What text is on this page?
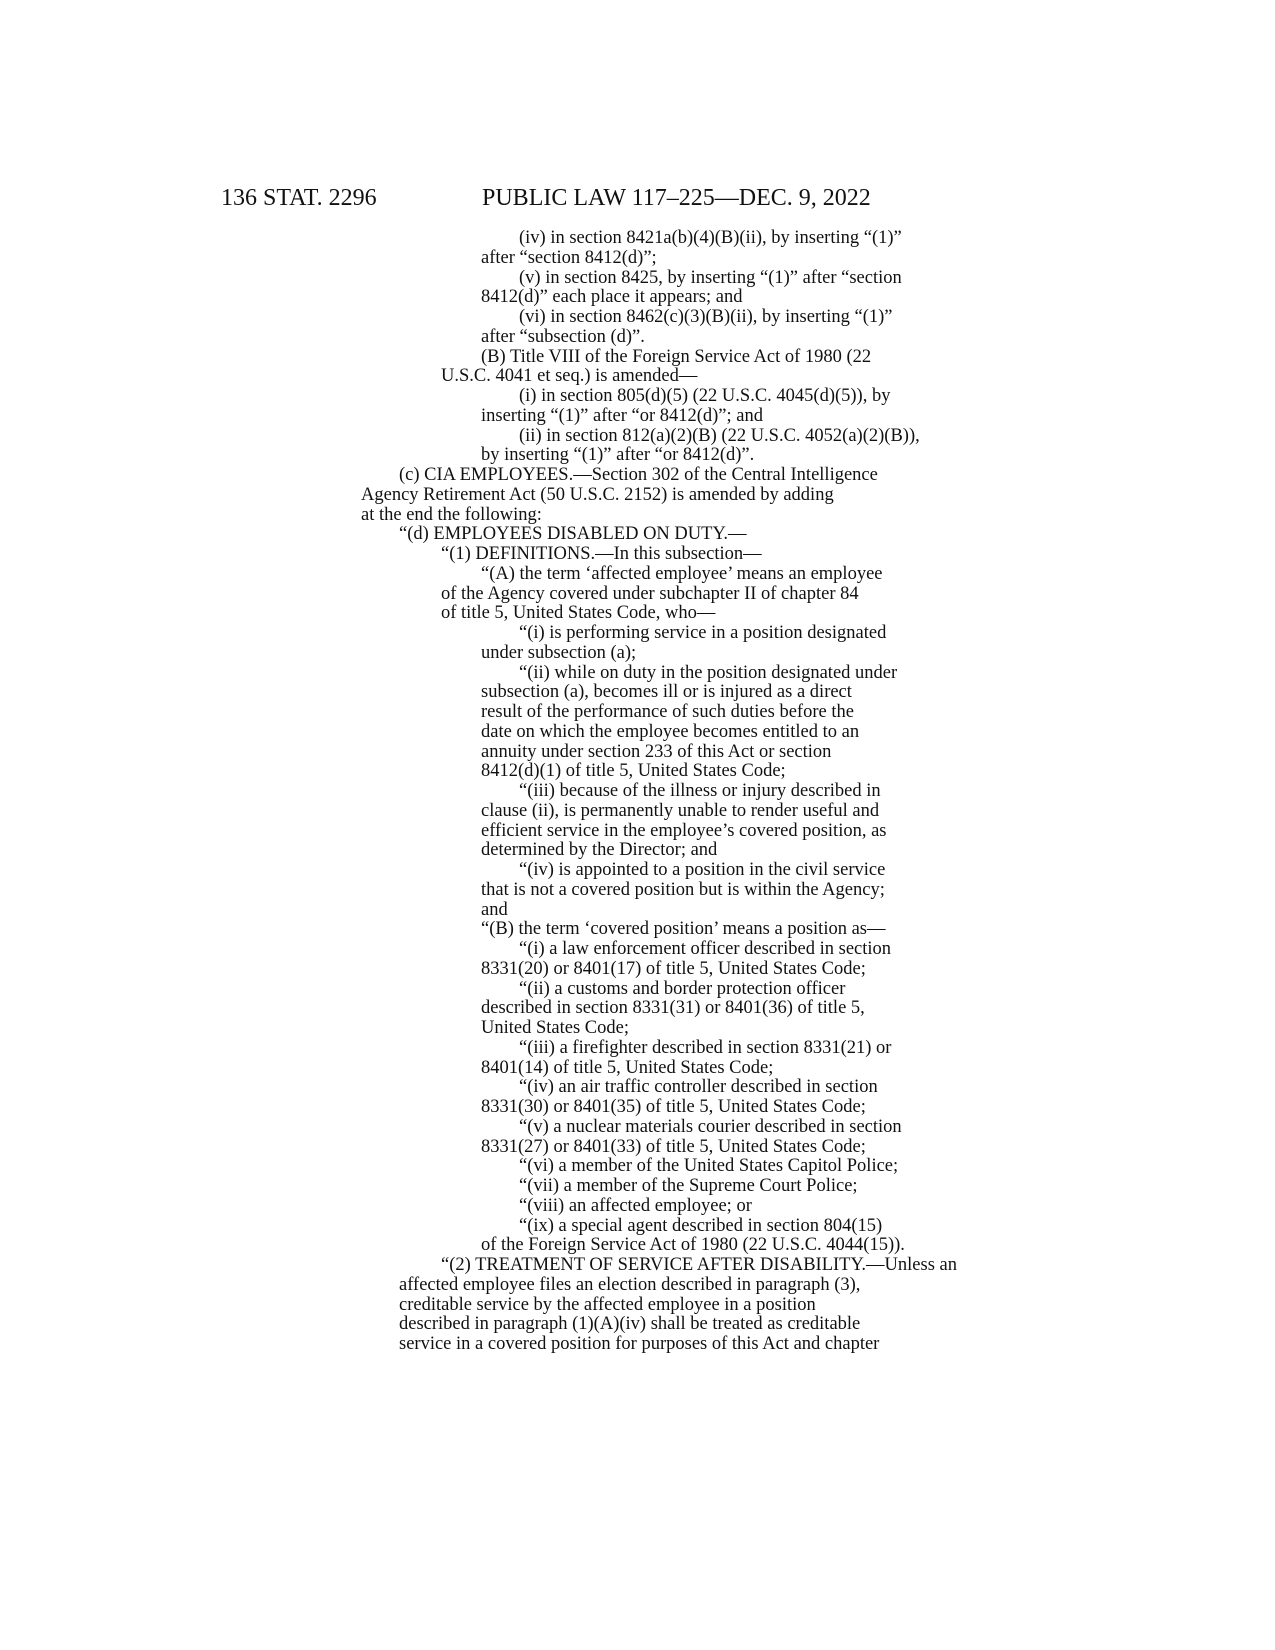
136 STAT. 2296	PUBLIC LAW 117–225—DEC. 9, 2022
(iv) in section 8421a(b)(4)(B)(ii), by inserting “(1)”
after “section 8412(d)”;
(v) in section 8425, by inserting “(1)” after “section
8412(d)” each place it appears; and
(vi) in section 8462(c)(3)(B)(ii), by inserting “(1)”
after “subsection (d)”.
(B) Title VIII of the Foreign Service Act of 1980 (22
U.S.C. 4041 et seq.) is amended—
(i) in section 805(d)(5) (22 U.S.C. 4045(d)(5)), by
inserting “(1)” after “or 8412(d)”; and
(ii) in section 812(a)(2)(B) (22 U.S.C. 4052(a)(2)(B)),
by inserting “(1)” after “or 8412(d)”.
(c) CIA EMPLOYEES.—Section 302 of the Central Intelligence
Agency Retirement Act (50 U.S.C. 2152) is amended by adding
at the end the following:
“(d) EMPLOYEES DISABLED ON DUTY.—
“(1) DEFINITIONS.—In this subsection—
“(A) the term ‘affected employee’ means an employee
of the Agency covered under subchapter II of chapter 84
of title 5, United States Code, who—
“(i) is performing service in a position designated
under subsection (a);
“(ii) while on duty in the position designated under
subsection (a), becomes ill or is injured as a direct
result of the performance of such duties before the
date on which the employee becomes entitled to an
annuity under section 233 of this Act or section
8412(d)(1) of title 5, United States Code;
“(iii) because of the illness or injury described in
clause (ii), is permanently unable to render useful and
efficient service in the employee’s covered position, as
determined by the Director; and
“(iv) is appointed to a position in the civil service
that is not a covered position but is within the Agency;
and
“(B) the term ‘covered position’ means a position as—
“(i) a law enforcement officer described in section
8331(20) or 8401(17) of title 5, United States Code;
“(ii) a customs and border protection officer
described in section 8331(31) or 8401(36) of title 5,
United States Code;
“(iii) a firefighter described in section 8331(21) or
8401(14) of title 5, United States Code;
“(iv) an air traffic controller described in section
8331(30) or 8401(35) of title 5, United States Code;
“(v) a nuclear materials courier described in section
8331(27) or 8401(33) of title 5, United States Code;
“(vi) a member of the United States Capitol Police;
“(vii) a member of the Supreme Court Police;
“(viii) an affected employee; or
“(ix) a special agent described in section 804(15)
of the Foreign Service Act of 1980 (22 U.S.C. 4044(15)).
“(2) TREATMENT OF SERVICE AFTER DISABILITY.—Unless an
affected employee files an election described in paragraph (3),
creditable service by the affected employee in a position
described in paragraph (1)(A)(iv) shall be treated as creditable
service in a covered position for purposes of this Act and chapter
